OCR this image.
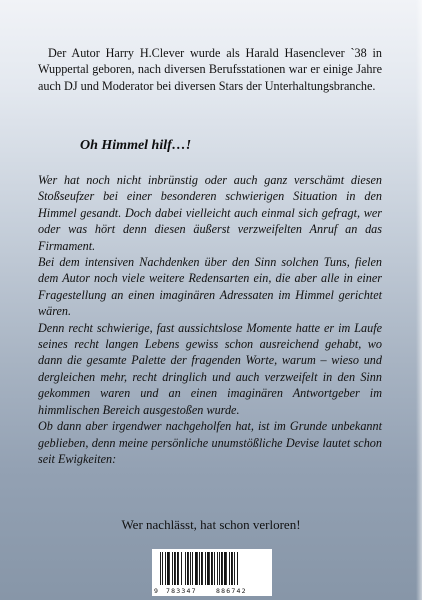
Der Autor Harry H.Clever wurde als Harald Hasenclever `38 in Wuppertal geboren, nach diversen Berufsstationen war er einige Jahre auch DJ und Moderator bei diversen Stars der Unterhaltungsbranche.

Oh Himmel hilf…!

Wer hat noch nicht inbrünstig oder auch ganz verschämt diesen Stoßseufzer bei einer besonderen schwierigen Situation in den Himmel gesandt. Doch dabei vielleicht auch einmal sich gefragt, wer oder was hört denn diesen äußerst verzweifelten Anruf an das Firmament.

Bei dem intensiven Nachdenken über den Sinn solchen Tuns, fielen dem Autor noch viele weitere Redensarten ein, die aber alle in einer Fragestellung an einen imaginären Adressaten im Himmel gerichtet wären.

Denn recht schwierige, fast aussichtslose Momente hatte er im Laufe seines recht langen Lebens gewiss schon ausreichend gehabt, wo dann die gesamte Palette der fragenden Worte, warum – wieso und dergleichen mehr, recht dringlich und auch verzweifelt in den Sinn gekommen waren und an einen imaginären Antwortgeber im himmlischen Bereich ausgestoßen wurde.

Ob dann aber irgendwer nachgeholfen hat, ist im Grunde unbekannt geblieben, denn meine persönliche unumstößliche Devise lautet schon seit Ewigkeiten:

Wer nachlässt, hat schon verloren!

9 783347	886742
